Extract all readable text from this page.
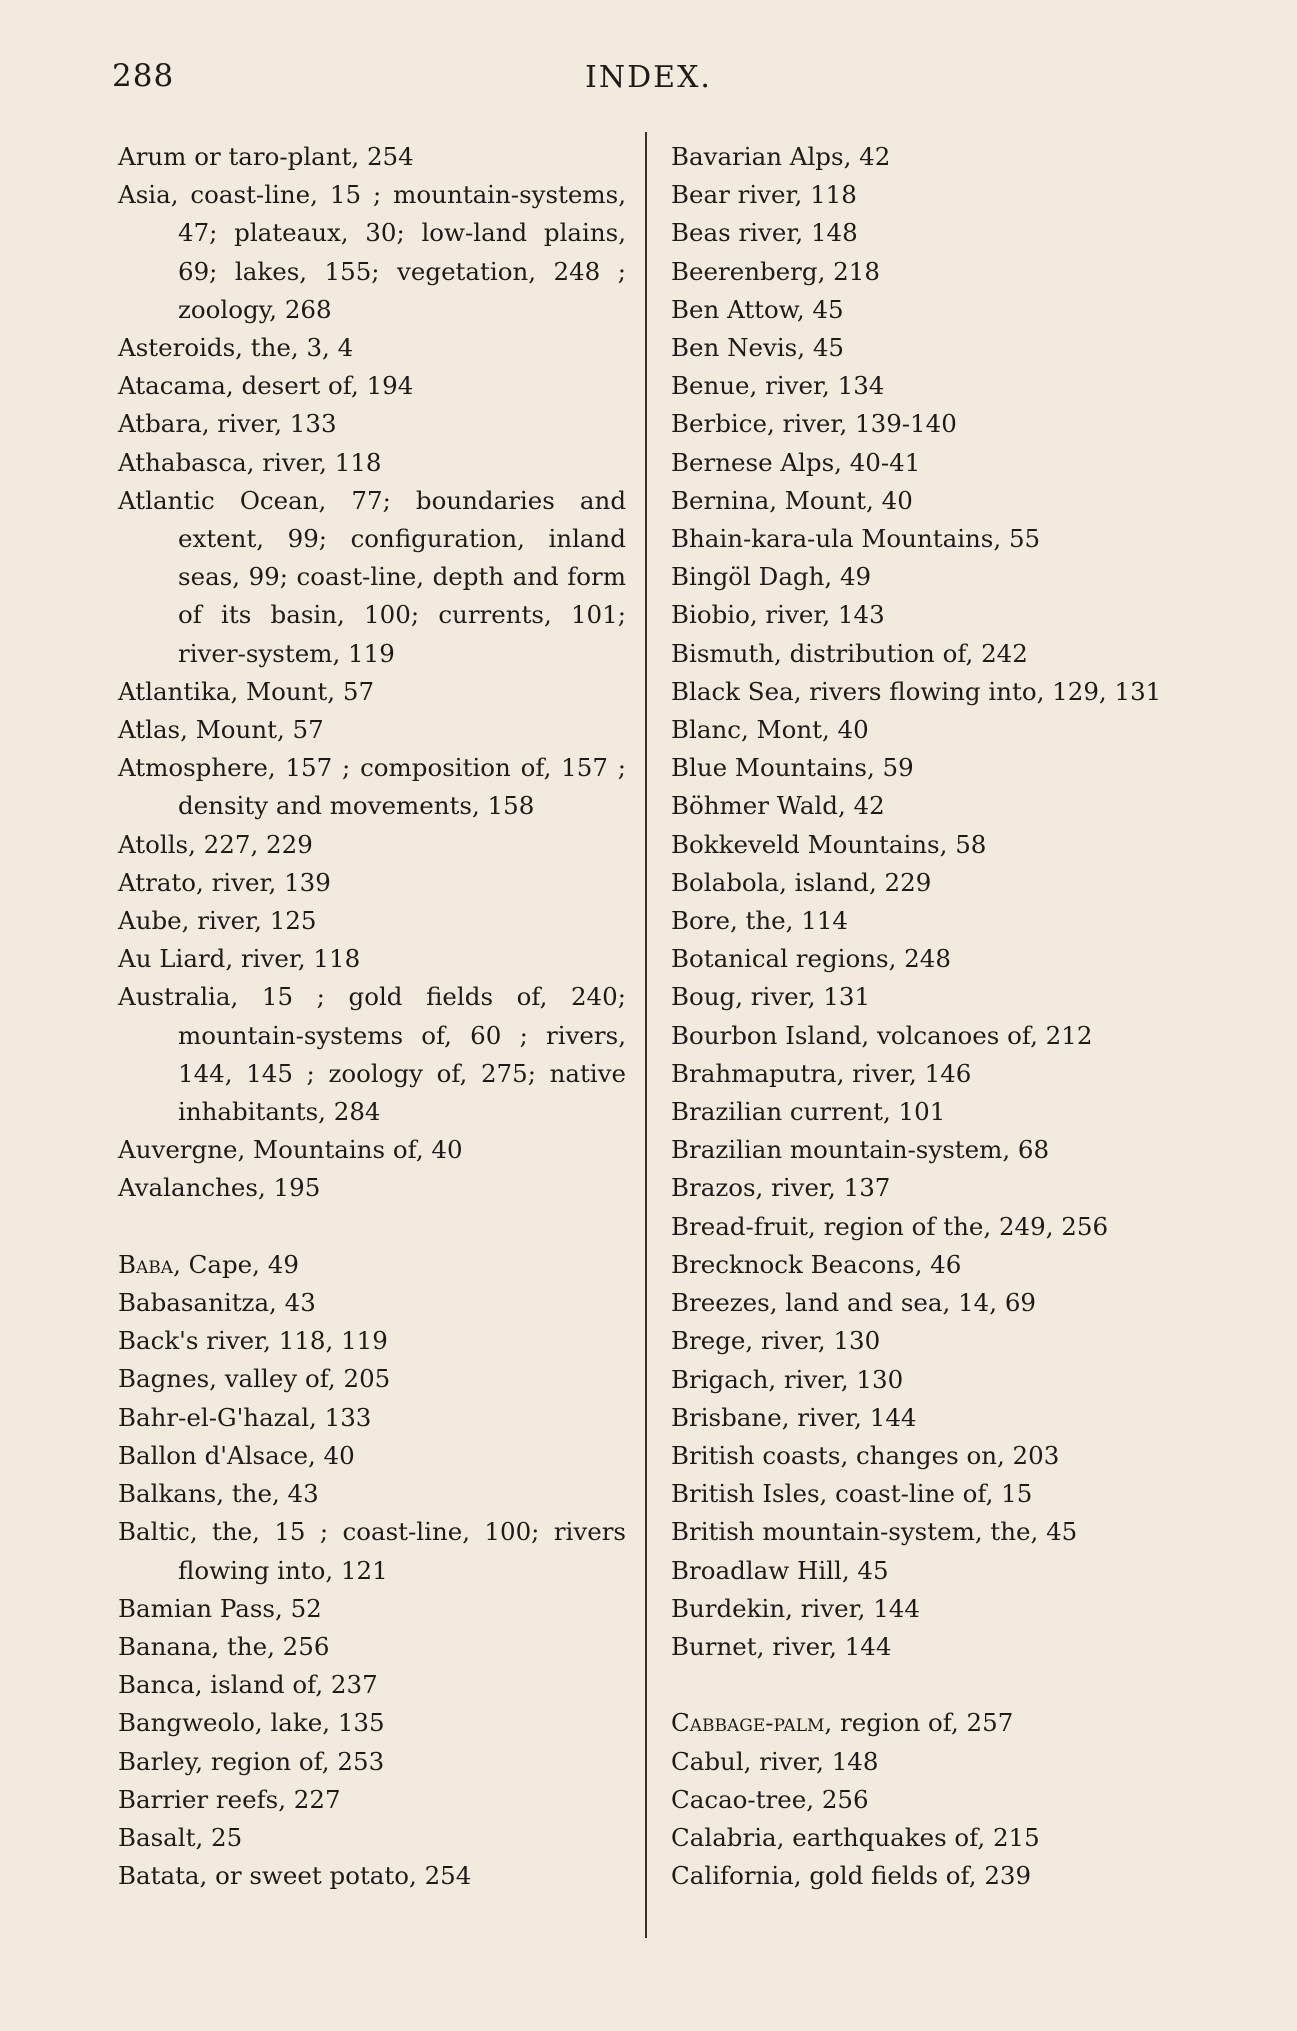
288	INDEX.
Arum or taro-plant, 254
Asia, coast-line, 15 ; mountain-systems, 47; plateaux, 30; low-land plains, 69; lakes, 155; vegetation, 248 ; zoology, 268
Asteroids, the, 3, 4
Atacama, desert of, 194
Atbara, river, 133
Athabasca, river, 118
Atlantic Ocean, 77; boundaries and extent, 99; configuration, inland seas, 99; coast-line, depth and form of its basin, 100; currents, 101; river-system, 119
Atlantika, Mount, 57
Atlas, Mount, 57
Atmosphere, 157 ; composition of, 157 ; density and movements, 158
Atolls, 227, 229
Atrato, river, 139
Aube, river, 125
Au Liard, river, 118
Australia, 15 ; gold fields of, 240; mountain-systems of, 60 ; rivers, 144, 145 ; zoology of, 275; native inhabitants, 284
Auvergne, Mountains of, 40
Avalanches, 195
Baba, Cape, 49
Babasanitza, 43
Back's river, 118, 119
Bagnes, valley of, 205
Bahr-el-G'hazal, 133
Ballon d'Alsace, 40
Balkans, the, 43
Baltic, the, 15 ; coast-line, 100; rivers flowing into, 121
Bamian Pass, 52
Banana, the, 256
Banca, island of, 237
Bangweolo, lake, 135
Barley, region of, 253
Barrier reefs, 227
Basalt, 25
Batata, or sweet potato, 254
Bavarian Alps, 42
Bear river, 118
Beas river, 148
Beerenberg, 218
Ben Attow, 45
Ben Nevis, 45
Benue, river, 134
Berbice, river, 139-140
Bernese Alps, 40-41
Bernina, Mount, 40
Bhain-kara-ula Mountains, 55
Bingöl Dagh, 49
Biobio, river, 143
Bismuth, distribution of, 242
Black Sea, rivers flowing into, 129, 131
Blanc, Mont, 40
Blue Mountains, 59
Böhmer Wald, 42
Bokkeveld Mountains, 58
Bolabola, island, 229
Bore, the, 114
Botanical regions, 248
Boug, river, 131
Bourbon Island, volcanoes of, 212
Brahmaputra, river, 146
Brazilian current, 101
Brazilian mountain-system, 68
Brazos, river, 137
Bread-fruit, region of the, 249, 256
Brecknock Beacons, 46
Breezes, land and sea, 14, 69
Brege, river, 130
Brigach, river, 130
Brisbane, river, 144
British coasts, changes on, 203
British Isles, coast-line of, 15
British mountain-system, the, 45
Broadlaw Hill, 45
Burdekin, river, 144
Burnet, river, 144
Cabbage-palm, region of, 257
Cabul, river, 148
Cacao-tree, 256
Calabria, earthquakes of, 215
California, gold fields of, 239
